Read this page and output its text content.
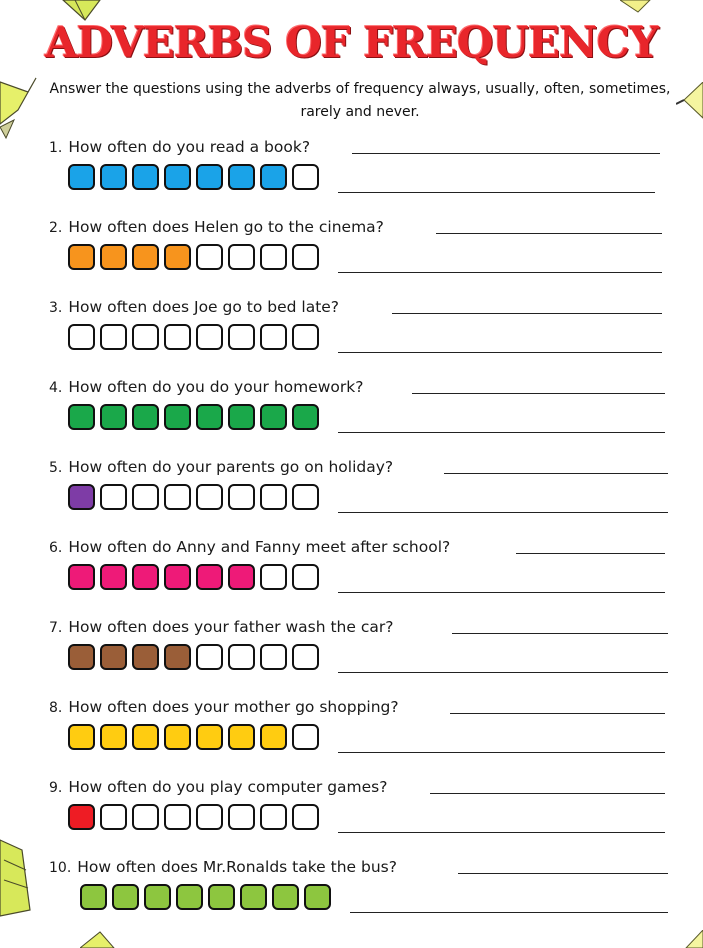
ADVERBS OF FREQUENCY
Answer the questions using the adverbs of frequency always, usually, often, sometimes, rarely and never.
1. How often do you read a book?
2. How often does Helen go to the cinema?
3. How often does Joe go to bed late?
4. How often do you do your homework?
5. How often do your parents go on holiday?
6. How often do Anny and Fanny meet after school?
7. How often does your father wash the car?
8. How often does your mother go shopping?
9. How often do you play computer games?
10. How often does Mr.Ronalds take the bus?
